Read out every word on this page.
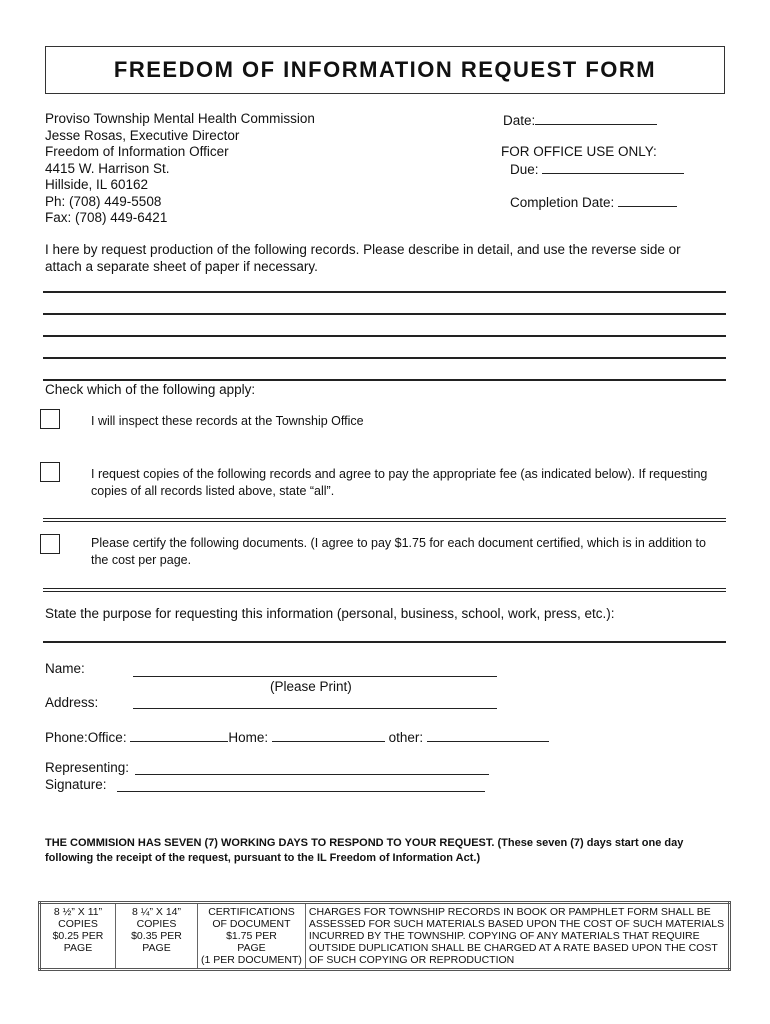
FREEDOM OF INFORMATION REQUEST FORM
Proviso Township Mental Health Commission
Jesse Rosas, Executive Director
Freedom of Information Officer
4415 W. Harrison St.
Hillside, IL 60162
Ph: (708) 449-5508
Fax: (708) 449-6421
Date:
FOR OFFICE USE ONLY:
Due:
Completion Date:
I here by request production of the following records. Please describe in detail, and use the reverse side or
attach a separate sheet of paper if necessary.
Check which of the following apply:
I will inspect these records at the Township Office
I request copies of the following records and agree to pay the appropriate fee (as indicated below). If requesting
copies of all records listed above, state “all”.
Please certify the following documents. (I agree to pay $1.75 for each document certified, which is in addition to
the cost per page.
State the purpose for requesting this information (personal, business, school, work, press, etc.):
Name:
(Please Print)
Address:
Phone:Office:	Home:	other:
Representing:
Signature:
THE COMMISION HAS SEVEN (7) WORKING DAYS TO RESPOND TO YOUR REQUEST. (These seven (7) days start one day
following the receipt of the request, pursuant to the IL Freedom of Information Act.)
8 ½” X 11”
COPIES
$0.25 PER
PAGE

8 ¼” X 14”
COPIES
$0.35 PER
PAGE

CERTIFICATIONS
OF DOCUMENT
$1.75 PER
PAGE
(1 PER DOCUMENT)

CHARGES FOR TOWNSHIP RECORDS IN BOOK OR PAMPHLET FORM SHALL BE
ASSESSED FOR SUCH MATERIALS BASED UPON THE COST OF SUCH MATERIALS
INCURRED BY THE TOWNSHIP. COPYING OF ANY MATERIALS THAT REQUIRE
OUTSIDE DUPLICATION SHALL BE CHARGED AT A RATE BASED UPON THE COST
OF SUCH COPYING OR REPRODUCTION
